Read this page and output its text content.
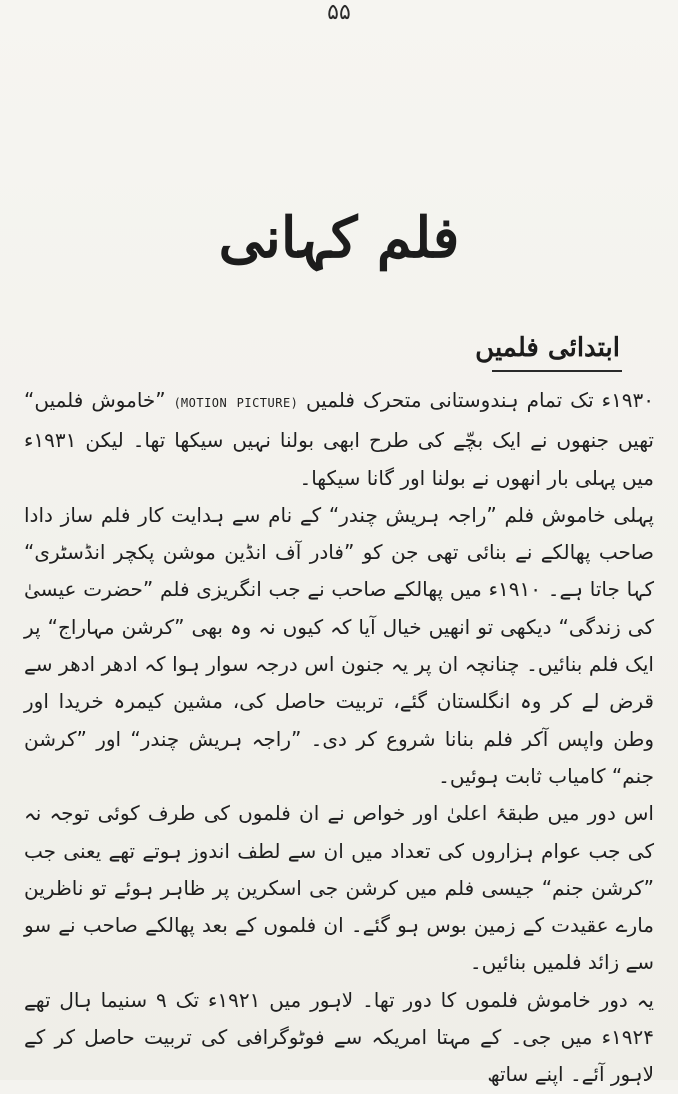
۵۵
فلم کہانی
ابتدائی فلمیں

۱۹۳۰ء تک تمام ہندوستانی متحرک فلمیں (MOTION PICTURE) ”خاموش فلمیں“ تھیں جنھوں نے ایک بچّے کی طرح ابھی بولنا نہیں سیکھا تھا۔ لیکن ۱۹۳۱ء میں پہلی بار انھوں نے بولنا اور گانا سیکھا۔

پہلی خاموش فلم ”راجہ ہریش چندر“ کے نام سے ہدایت کار فلم ساز دادا صاحب پھالکے نے بنائی تھی جن کو ”فادر آف انڈین موشن پکچر انڈسٹری“ کہا جاتا ہے۔ ۱۹۱۰ء میں پھالکے صاحب نے جب انگریزی فلم ”حضرت عیسیٰ کی زندگی“ دیکھی تو انھیں خیال آیا کہ کیوں نہ وہ بھی ”کرشن مہاراج“ پر ایک فلم بنائیں۔ چنانچہ ان پر یہ جنون اس درجہ سوار ہوا کہ ادھر ادھر سے قرض لے کر وہ انگلستان گئے، تربیت حاصل کی، مشین کیمرہ خریدا اور وطن واپس آکر فلم بنانا شروع کر دی۔ ”راجہ ہریش چندر“ اور ”کرشن جنم“ کامیاب ثابت ہوئیں۔

اس دور میں طبقۂ اعلیٰ اور خواص نے ان فلموں کی طرف کوئی توجہ نہ کی جب عوام ہزاروں کی تعداد میں ان سے لطف اندوز ہوتے تھے یعنی جب ”کرشن جنم“ جیسی فلم میں کرشن جی اسکرین پر ظاہر ہوئے تو ناظرین مارے عقیدت کے زمین بوس ہو گئے۔ ان فلموں کے بعد پھالکے صاحب نے سو سے زائد فلمیں بنائیں۔

یہ دور خاموش فلموں کا دور تھا۔ لاہور میں ۱۹۲۱ء تک ۹ سنیما ہال تھے ۱۹۲۴ء میں جی۔ کے مہتا امریکہ سے فوٹوگرافی کی تربیت حاصل کر کے لاہور آئے۔ اپنے ساتھ
